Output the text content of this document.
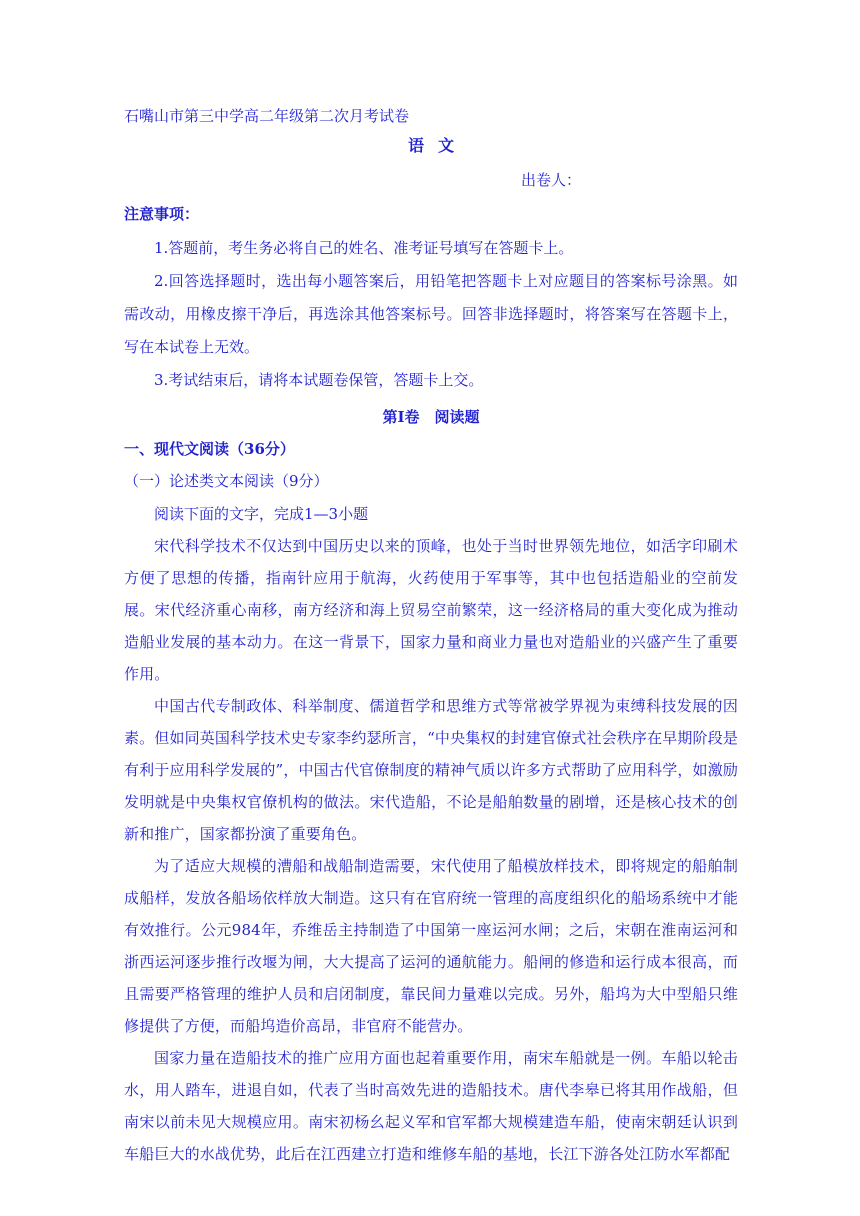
石嘴山市第三中学高二年级第二次月考试卷
语文
出卷人：
注意事项：

1.答题前，考生务必将自己的姓名、准考证号填写在答题卡上。

2.回答选择题时，选出每小题答案后，用铅笔把答题卡上对应题目的答案标号涂黑。如需改动，用橡皮擦干净后，再选涂其他答案标号。回答非选择题时，将答案写在答题卡上，写在本试卷上无效。

3.考试结束后，请将本试题卷保管，答题卡上交。

第Ⅰ卷　阅读题
一、现代文阅读（36分）
（一）论述类文本阅读（9分）
阅读下面的文字，完成1—3小题

宋代科学技术不仅达到中国历史以来的顶峰，也处于当时世界领先地位，如活字印刷术方便了思想的传播，指南针应用于航海，火药使用于军事等，其中也包括造船业的空前发展。宋代经济重心南移，南方经济和海上贸易空前繁荣，这一经济格局的重大变化成为推动造船业发展的基本动力。在这一背景下，国家力量和商业力量也对造船业的兴盛产生了重要作用。

中国古代专制政体、科举制度、儒道哲学和思维方式等常被学界视为束缚科技发展的因素。但如同英国科学技术史专家李约瑟所言，“中央集权的封建官僚式社会秩序在早期阶段是有利于应用科学发展的”，中国古代官僚制度的精神气质以许多方式帮助了应用科学，如激励发明就是中央集权官僚机构的做法。宋代造船，不论是船舶数量的剧增，还是核心技术的创新和推广，国家都扮演了重要角色。

为了适应大规模的漕船和战船制造需要，宋代使用了船模放样技术，即将规定的船舶制成船样，发放各船场依样放大制造。这只有在官府统一管理的高度组织化的船场系统中才能有效推行。公元984年，乔维岳主持制造了中国第一座运河水闸；之后，宋朝在淮南运河和浙西运河逐步推行改堰为闸，大大提高了运河的通航能力。船闸的修造和运行成本很高，而且需要严格管理的维护人员和启闭制度，靠民间力量难以完成。另外，船坞为大中型船只维修提供了方便，而船坞造价高昂，非官府不能营办。

国家力量在造船技术的推广应用方面也起着重要作用，南宋车船就是一例。车船以轮击水，用人踏车，进退自如，代表了当时高效先进的造船技术。唐代李皋已将其用作战船，但南宋以前未见大规模应用。南宋初杨幺起义军和官军都大规模建造车船，使南宋朝廷认识到车船巨大的水战优势，此后在江西建立打造和维修车船的基地，长江下游各处江防水军都配
